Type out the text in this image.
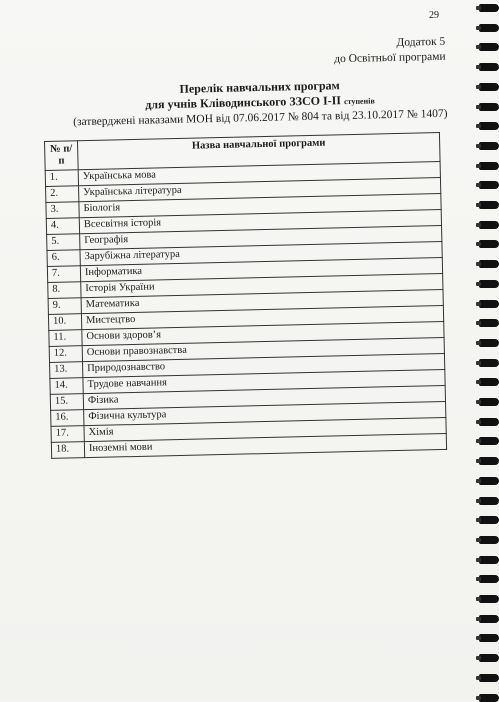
29
Додаток 5
до Освітньої програми
Перелік навчальних програм
для учнів Кліводинського ЗЗСО І-ІІ ступенів
(затверджені наказами МОН від 07.06.2017 № 804 та від 23.10.2017 № 1407)
№ п/п	Назва навчальної програми
1.	Українська мова
2.	Українська література
3.	Біологія
4.	Всесвітня історія
5.	Географія
6.	Зарубіжна література
7.	Інформатика
8.	Історія України
9.	Математика
10.	Мистецтво
11.	Основи здоров’я
12.	Основи правознавства
13.	Природознавство
14.	Трудове навчання
15.	Фізика
16.	Фізична культура
17.	Хімія
18.	Іноземні мови
